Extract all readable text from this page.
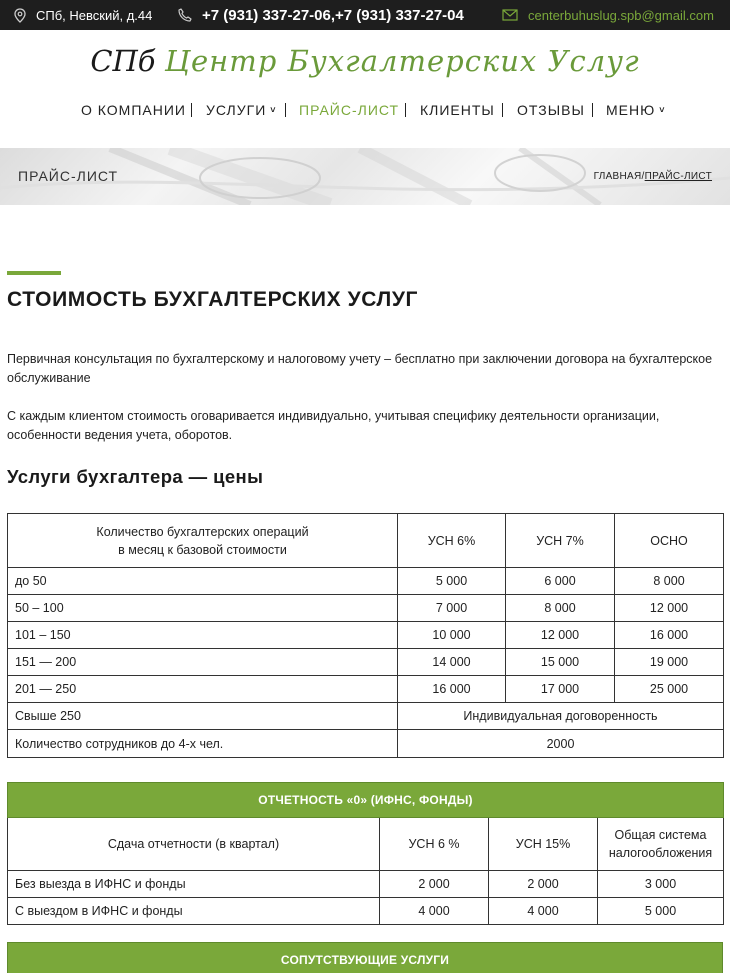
СПб, Невский, д.44	+7 (931) 337-27-06,+7 (931) 337-27-04	centerbuhuslug.spb@gmail.com
СПб Центр Бухгалтерских Услуг
О КОМПАНИИ УСЛУГИ ˅ ПРАЙС-ЛИСТ КЛИЕНТЫ ОТЗЫВЫ МЕНЮ ˅
ПРАЙС-ЛИСТ	ГЛАВНАЯ/ПРАЙС-ЛИСТ
СТОИМОСТЬ БУХГАЛТЕРСКИХ УСЛУГ

Первичная консультация по бухгалтерскому и налоговому учету – бесплатно при заключении договора на бухгалтерское обслуживание

С каждым клиентом стоимость оговаривается индивидуально, учитывая специфику деятельности организации, особенности ведения учета, оборотов.

Услуги бухгалтера — цены
Количество бухгалтерских операций
в месяц к базовой стоимости	УСН 6%	УСН 7%	ОСНО
до 50	5 000	6 000	8 000
50 – 100	7 000	8 000	12 000
101 – 150	10 000	12 000	16 000
151 — 200	14 000	15 000	19 000
201 — 250	16 000	17 000	25 000
Свыше 250	Индивидуальная договоренность		
Количество сотрудников до 4-х чел.	2000		
ОТЧЕТНОСТЬ «0» (ИФНС, ФОНДЫ)			
Сдача отчетности (в квартал)	УСН 6 %	УСН 15%	Общая система
налогообложения

Без выезда в ИФНС и фонды	2 000	2 000	3 000
С выездом в ИФНС и фонды	4 000	4 000	5 000
СОПУТСТВУЮЩИЕ УСЛУГИ
